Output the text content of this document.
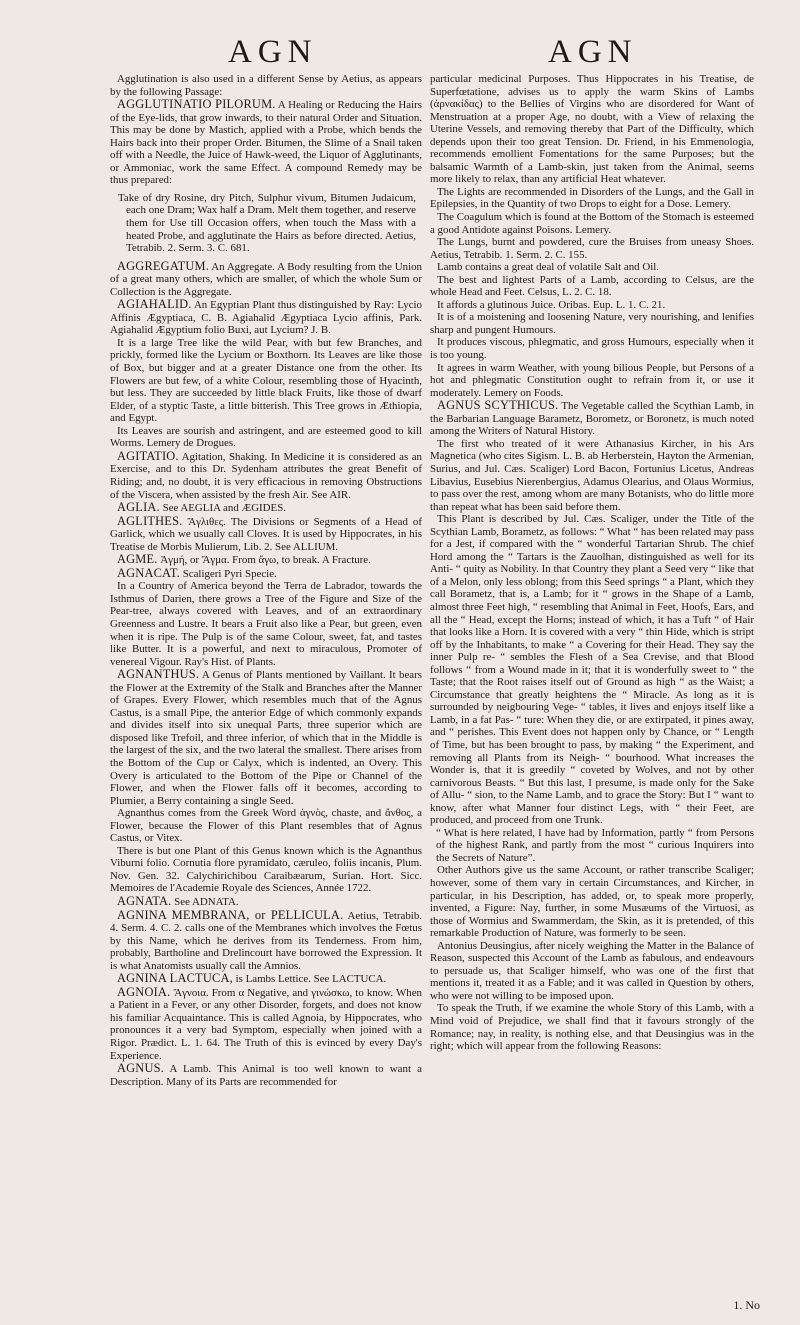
AGN	AGN

Agglutination is also used in a different Sense by Aetius, as appears by the following Passage:

AGGLUTINATIO PILORUM. A Healing or Reducing the Hairs of the Eye-lids, that grow inwards, to their natural Order and Situation. This may be done by Mastich, applied with a Probe, which bends the Hairs back into their proper Order. Bitumen, the Slime of a Snail taken off with a Needle, the Juice of Hawk-weed, the Liquor of Agglutinants, or Ammoniac, work the same Effect. A compound Remedy may be thus prepared:

Take of dry Rosine, dry Pitch, Sulphur vivum, Bitumen Judaicum, each one Dram; Wax half a Dram. Melt them together, and reserve them for Use till Occasion offers, when touch the Mass with a heated Probe, and agglutinate the Hairs as before directed. Aetius, Tetrabib. 2. Serm. 3. C. 681.

AGGREGATUM. An Aggregate. A Body resulting from the Union of a great many others, which are smaller, of which the whole Sum or Collection is the Aggregate.

AGIAHALID. An Egyptian Plant thus distinguished by Ray: Lycio Affinis Ægyptiaca, C. B. Agiahalid Ægyptiaca Lycio affinis, Park. Agiahalid Ægyptium folio Buxi, aut Lycium? J. B.

It is a large Tree like the wild Pear, with but few Branches, and prickly, formed like the Lycium or Boxthorn. Its Leaves are like those of Box, but bigger and at a greater Distance one from the other. Its Flowers are but few, of a white Colour, resembling those of Hyacinth, but less. They are succeeded by little black Fruits, like those of dwarf Elder, of a styptic Taste, a little bitterish. This Tree grows in Æthiopia, and Egypt.

Its Leaves are sourish and astringent, and are esteemed good to kill Worms. Lemery de Drogues.

AGITATIO. Agitation, Shaking. In Medicine it is considered as an Exercise, and to this Dr. Sydenham attributes the great Benefit of Riding; and, no doubt, it is very efficacious in removing Obstructions of the Viscera, when assisted by the fresh Air. See AIR.

AGLIA. See AEGLIA and ÆGIDES.

AGLITHES. Ἄγλιθες. The Divisions or Segments of a Head of Garlick, which we usually call Cloves. It is used by Hippocrates, in his Treatise de Morbis Mulierum, Lib. 2. See ALLIUM.

AGME. Ἀγμή, or Ἄγμα. From ἄγω, to break. A Fracture.

AGNACAT. Scaligeri Pyri Specie.

In a Country of America beyond the Terra de Labrador, towards the Isthmus of Darien, there grows a Tree of the Figure and Size of the Pear-tree, always covered with Leaves, and of an extraordinary Greenness and Lustre. It bears a Fruit also like a Pear, but green, even when it is ripe. The Pulp is of the same Colour, sweet, fat, and tastes like Butter. It is a powerful, and next to miraculous, Promoter of venereal Vigour. Ray's Hist. of Plants.

AGNANTHUS. A Genus of Plants mentioned by Vaillant. It bears the Flower at the Extremity of the Stalk and Branches after the Manner of Grapes. Every Flower, which resembles much that of the Agnus Castus, is a small Pipe, the anterior Edge of which commonly expands and divides itself into six unequal Parts, three superior which are disposed like Trefoil, and three inferior, of which that in the Middle is the largest of the six, and the two lateral the smallest. There arises from the Bottom of the Cup or Calyx, which is indented, an Overy. This Overy is articulated to the Bottom of the Pipe or Channel of the Flower, and when the Flower falls off it becomes, according to Plumier, a Berry containing a single Seed.

Agnanthus comes from the Greek Word ἁγνὸς, chaste, and ἄνθος, a Flower, because the Flower of this Plant resembles that of Agnus Castus, or Vitex.

There is but one Plant of this Genus known which is the Agnanthus Viburni folio. Cornutia flore pyramidato, cæruleo, foliis incanis, Plum. Nov. Gen. 32. Calychirichibou Caraibæarum, Surian. Hort. Sicc. Memoires de l'Academie Royale des Sciences, Année 1722.

AGNATA. See ADNATA.

AGNINA MEMBRANA, or PELLICULA. Aetius, Tetrabib. 4. Serm. 4. C. 2. calls one of the Membranes which involves the Fœtus by this Name, which he derives from its Tenderness. From him, probably, Bartholine and Drelincourt have borrowed the Expression. It is what Anatomists usually call the Amnios.

AGNINA LACTUCA, is Lambs Lettice. See LACTUCA.

AGNOIA. Ἄγνοια. From α Negative, and γινώσκω, to know. When a Patient in a Fever, or any other Disorder, forgets, and does not know his familiar Acquaintance. This is called Agnoia, by Hippocrates, who pronounces it a very bad Symptom, especially when joined with a Rigor. Prædict. L. 1. 64. The Truth of this is evinced by every Day's Experience.

AGNUS. A Lamb. This Animal is too well known to want a Description. Many of its Parts are recommended for

particular medicinal Purposes. Thus Hippocrates in his Treatise, de Superfœtatione, advises us to apply the warm Skins of Lambs (ἀρνακίδας) to the Bellies of Virgins who are disordered for Want of Menstruation at a proper Age, no doubt, with a View of relaxing the Uterine Vessels, and removing thereby that Part of the Difficulty, which depends upon their too great Tension. Dr. Friend, in his Emmenologia, recommends emollient Fomentations for the same Purposes; but the balsamic Warmth of a Lamb-skin, just taken from the Animal, seems more likely to relax, than any artificial Heat whatever.

The Lights are recommended in Disorders of the Lungs, and the Gall in Epilepsies, in the Quantity of two Drops to eight for a Dose. Lemery.

The Coagulum which is found at the Bottom of the Stomach is esteemed a good Antidote against Poisons. Lemery.

The Lungs, burnt and powdered, cure the Bruises from uneasy Shoes. Aetius, Tetrabib. 1. Serm. 2. C. 155.

Lamb contains a great deal of volatile Salt and Oil.

The best and lightest Parts of a Lamb, according to Celsus, are the whole Head and Feet. Celsus, L. 2. C. 18.

It affords a glutinous Juice. Oribas. Eup. L. 1. C. 21.

It is of a moistening and loosening Nature, very nourishing, and lenifies sharp and pungent Humours.

It produces viscous, phlegmatic, and gross Humours, especially when it is too young.

It agrees in warm Weather, with young bilious People, but Persons of a hot and phlegmatic Constitution ought to refrain from it, or use it moderately. Lemery on Foods.

AGNUS SCYTHICUS. The Vegetable called the Scythian Lamb, in the Barbarian Language Barametz, Borometz, or Boronetz, is much noted among the Writers of Natural History.

The first who treated of it were Athanasius Kircher, in his Ars Magnetica (who cites Sigism. L. B. ab Herberstein, Hayton the Armenian, Surius, and Jul. Cæs. Scaliger) Lord Bacon, Fortunius Licetus, Andreas Libavius, Eusebius Nierenbergius, Adamus Olearius, and Olaus Wormius, to pass over the rest, among whom are many Botanists, who do little more than repeat what has been said before them.

This Plant is described by Jul. Cæs. Scaliger, under the Title of the Scythian Lamb, Borametz, as follows: “ What “ has been related may pass for a Jest, if compared with the “ wonderful Tartarian Shrub. The chief Hord among the “ Tartars is the Zauolhan, distinguished as well for its Anti- “ quity as Nobility. In that Country they plant a Seed very “ like that of a Melon, only less oblong; from this Seed springs “ a Plant, which they call Borametz, that is, a Lamb; for it “ grows in the Shape of a Lamb, almost three Feet high, “ resembling that Animal in Feet, Hoofs, Ears, and all the “ Head, except the Horns; instead of which, it has a Tuft “ of Hair that looks like a Horn. It is covered with a very “ thin Hide, which is stript off by the Inhabitants, to make “ a Covering for their Head. They say the inner Pulp re- “ sembles the Flesh of a Sea Crevise, and that Blood follows “ from a Wound made in it; that it is wonderfully sweet to “ the Taste; that the Root raises itself out of Ground as high “ as the Waist; a Circumstance that greatly heightens the “ Miracle. As long as it is surrounded by neigbouring Vege- “ tables, it lives and enjoys itself like a Lamb, in a fat Pas- “ ture: When they die, or are extirpated, it pines away, and “ perishes. This Event does not happen only by Chance, or “ Length of Time, but has been brought to pass, by making “ the Experiment, and removing all Plants from its Neigh- “ bourhood. What increases the Wonder is, that it is greedily “ coveted by Wolves, and not by other carnivorous Beasts. “ But this last, I presume, is made only for the Sake of Allu- “ sion, to the Name Lamb, and to grace the Story: But I “ want to know, after what Manner four distinct Legs, with “ their Feet, are produced, and proceed from one Trunk.

“ What is here related, I have had by Information, partly “ from Persons of the highest Rank, and partly from the most “ curious Inquirers into the Secrets of Nature”.

Other Authors give us the same Account, or rather transcribe Scaliger; however, some of them vary in certain Circumstances, and Kircher, in particular, in his Description, has added, or, to speak more properly, invented, a Figure: Nay, further, in some Musæums of the Virtuosi, as those of Wormius and Swammerdam, the Skin, as it is pretended, of this remarkable Production of Nature, was formerly to be seen.

Antonius Deusingius, after nicely weighing the Matter in the Balance of Reason, suspected this Account of the Lamb as fabulous, and endeavours to persuade us, that Scaliger himself, who was one of the first that mentions it, treated it as a Fable; and it was called in Question by others, who were not willing to be imposed upon.

To speak the Truth, if we examine the whole Story of this Lamb, with a Mind void of Prejudice, we shall find that it favours strongly of the Romance; nay, in reality, is nothing else, and that Deusingius was in the right; which will appear from the following Reasons:

1. No
